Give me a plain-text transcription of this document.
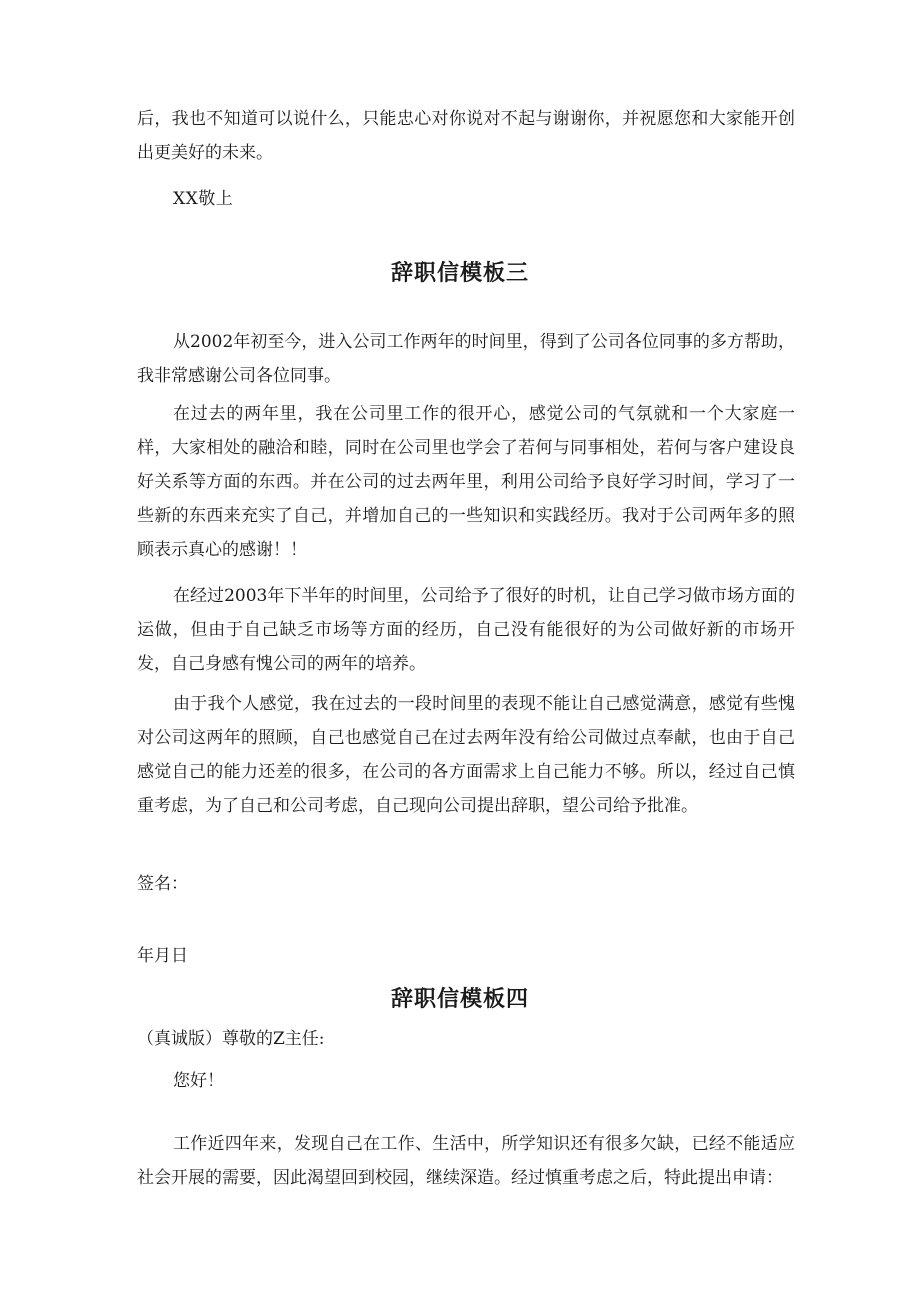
后，我也不知道可以说什么，只能忠心对你说对不起与谢谢你，并祝愿您和大家能开创出更美好的未来。

XX敬上

辞职信模板三

从2002年初至今，进入公司工作两年的时间里，得到了公司各位同事的多方帮助，我非常感谢公司各位同事。

在过去的两年里，我在公司里工作的很开心，感觉公司的气氛就和一个大家庭一样，大家相处的融洽和睦，同时在公司里也学会了若何与同事相处，若何与客户建设良好关系等方面的东西。并在公司的过去两年里，利用公司给予良好学习时间，学习了一些新的东西来充实了自己，并增加自己的一些知识和实践经历。我对于公司两年多的照顾表示真心的感谢！！

在经过2003年下半年的时间里，公司给予了很好的时机，让自己学习做市场方面的运做，但由于自己缺乏市场等方面的经历，自己没有能很好的为公司做好新的市场开发，自己身感有愧公司的两年的培养。

由于我个人感觉，我在过去的一段时间里的表现不能让自己感觉满意，感觉有些愧对公司这两年的照顾，自己也感觉自己在过去两年没有给公司做过点奉献，也由于自己感觉自己的能力还差的很多，在公司的各方面需求上自己能力不够。所以，经过自己慎重考虑，为了自己和公司考虑，自己现向公司提出辞职，望公司给予批准。

签名：

年月日

辞职信模板四

（真诚版）尊敬的Z主任:

您好！

工作近四年来，发现自己在工作、生活中，所学知识还有很多欠缺，已经不能适应社会开展的需要，因此渴望回到校园，继续深造。经过慎重考虑之后，特此提出申请：
